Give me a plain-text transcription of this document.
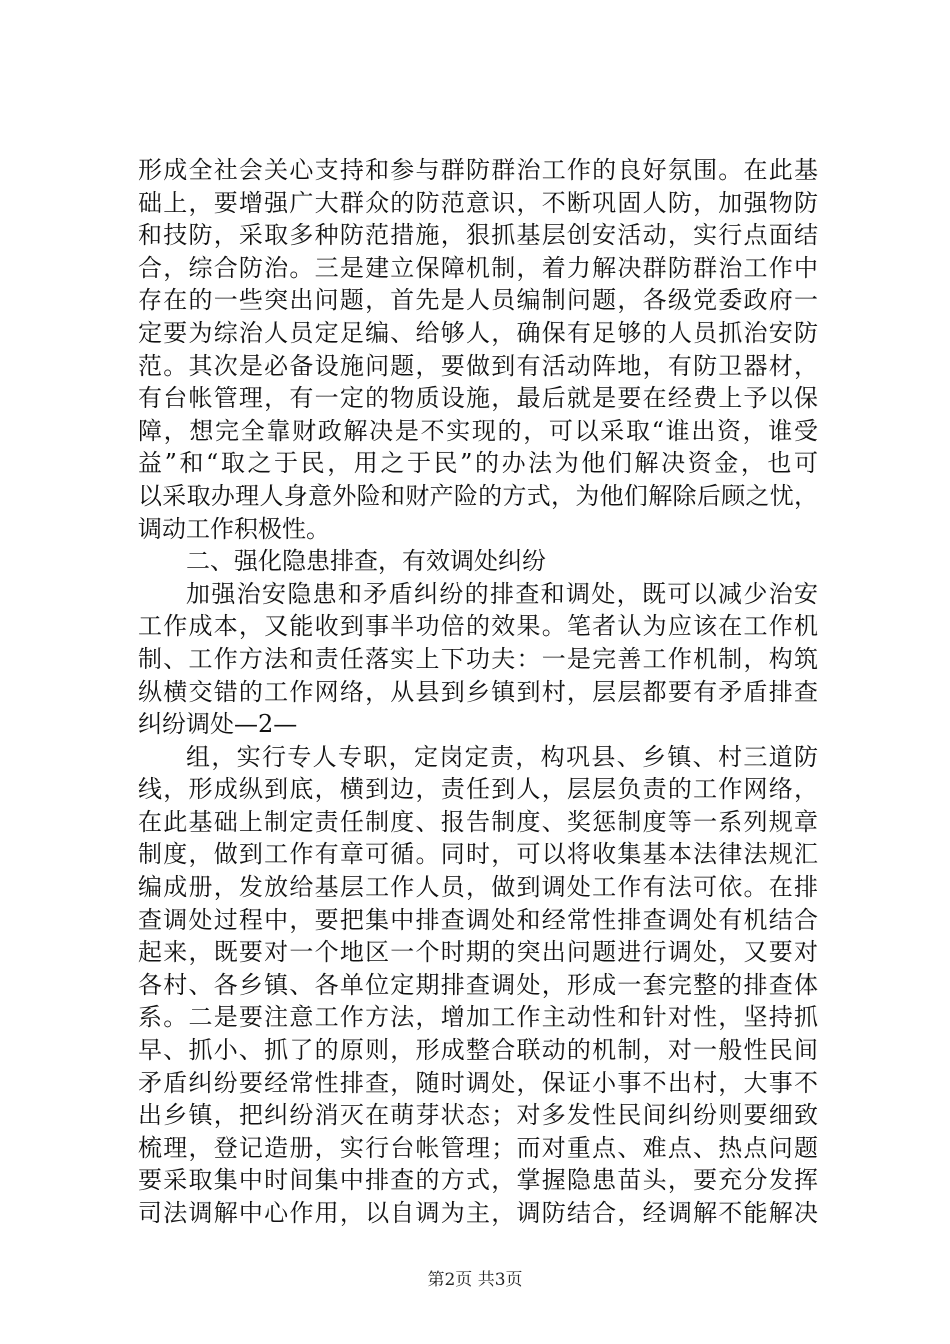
形成全社会关心支持和参与群防群治工作的良好氛围。在此基
础上，要增强广大群众的防范意识，不断巩固人防，加强物防
和技防，采取多种防范措施，狠抓基层创安活动，实行点面结
合，综合防治。三是建立保障机制，着力解决群防群治工作中
存在的一些突出问题，首先是人员编制问题，各级党委政府一
定要为综治人员定足编、给够人，确保有足够的人员抓治安防
范。其次是必备设施问题，要做到有活动阵地，有防卫器材，
有台帐管理，有一定的物质设施，最后就是要在经费上予以保
障，想完全靠财政解决是不实现的，可以采取“谁出资，谁受
益”和“取之于民，用之于民”的办法为他们解决资金，也可
以采取办理人身意外险和财产险的方式，为他们解除后顾之忧，
调动工作积极性。
二、强化隐患排查，有效调处纠纷
加强治安隐患和矛盾纠纷的排查和调处，既可以减少治安
工作成本，又能收到事半功倍的效果。笔者认为应该在工作机
制、工作方法和责任落实上下功夫：一是完善工作机制，构筑
纵横交错的工作网络，从县到乡镇到村，层层都要有矛盾排查
纠纷调处—2—
组，实行专人专职，定岗定责，构巩县、乡镇、村三道防
线，形成纵到底，横到边，责任到人，层层负责的工作网络，
在此基础上制定责任制度、报告制度、奖惩制度等一系列规章
制度，做到工作有章可循。同时，可以将收集基本法律法规汇
编成册，发放给基层工作人员，做到调处工作有法可依。在排
查调处过程中，要把集中排查调处和经常性排查调处有机结合
起来，既要对一个地区一个时期的突出问题进行调处，又要对
各村、各乡镇、各单位定期排查调处，形成一套完整的排查体
系。二是要注意工作方法，增加工作主动性和针对性，坚持抓
早、抓小、抓了的原则，形成整合联动的机制，对一般性民间
矛盾纠纷要经常性排查，随时调处，保证小事不出村，大事不
出乡镇，把纠纷消灭在萌芽状态；对多发性民间纠纷则要细致
梳理，登记造册，实行台帐管理；而对重点、难点、热点问题
要采取集中时间集中排查的方式，掌握隐患苗头，要充分发挥
司法调解中心作用，以自调为主，调防结合，经调解不能解决
第2页 共3页
